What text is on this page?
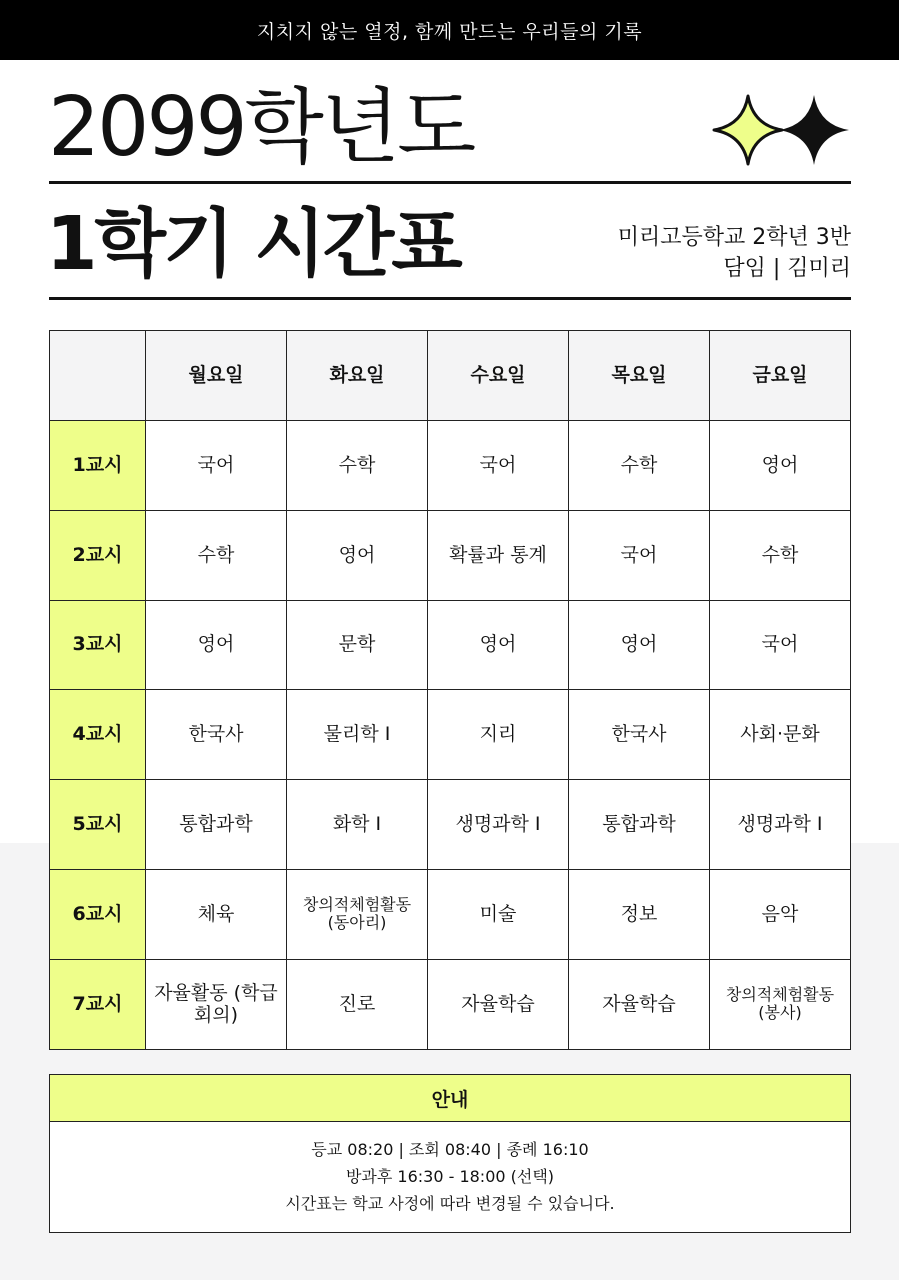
지치지 않는 열정, 함께 만드는 우리들의 기록
2099학년도
1학기 시간표	미리고등학교 2학년 3반
담임 | 김미리
	월요일	화요일	수요일	목요일	금요일
1교시	국어	수학	국어	수학	영어
2교시	수학	영어	확률과 통계	국어	수학
3교시	영어	문학	영어	영어	국어
4교시	한국사	물리학 Ⅰ	지리	한국사	사회·문화
5교시	통합과학	화학 Ⅰ	생명과학 Ⅰ	통합과학	생명과학 Ⅰ
6교시	체육	창의적체험활동 (동아리)	미술	정보	음악
7교시	자율활동 (학급회의)	진로	자율학습	자율학습	창의적체험활동 (봉사)
안내
등교 08:20 | 조회 08:40 | 종례 16:10
방과후 16:30 - 18:00 (선택)
시간표는 학교 사정에 따라 변경될 수 있습니다.
